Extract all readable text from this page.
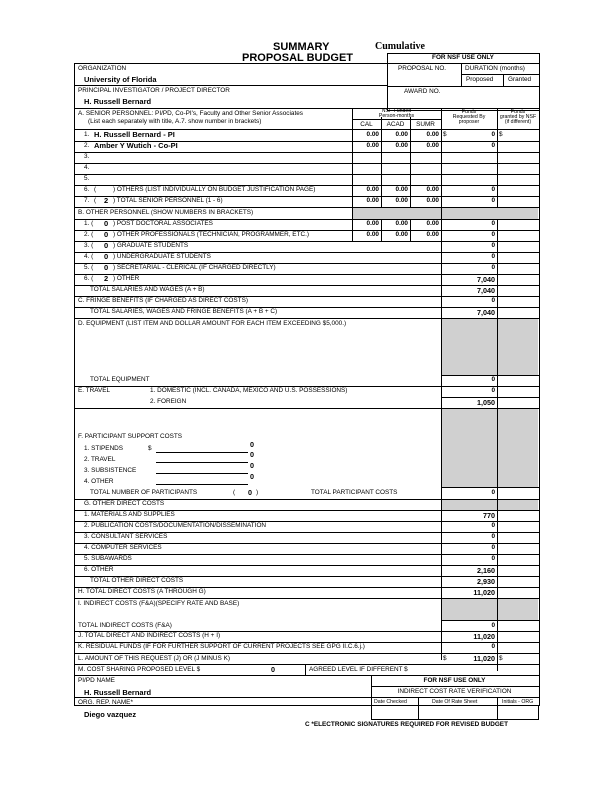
SUMMARY
PROPOSAL BUDGET
Cumulative
FOR NSF USE ONLY
PROPOSAL NO.	DURATION (months)
Proposed Granted
AWARD NO.
ORGANIZATION
University of Florida
PRINCIPAL INVESTIGATOR / PROJECT DIRECTOR
H. Russell Bernard
A. SENIOR PERSONNEL: PI/PD, Co-PI's, Faculty and Other Senior Associates
(List each separately with title, A.7. show number in brackets)
NSF Funded
Person-months
CAL	ACAD	SUMR
Funds
Requested By
proposer
Funds
granted by NSF
(if different)
1. H. Russell Bernard - PI	0.00	0.00	0.00 $	0 $
2. Amber Y Wutich - Co-PI	0.00	0.00	0.00	0
3.
4.
5.
6. (	) OTHERS (LIST INDIVIDUALLY ON BUDGET JUSTIFICATION PAGE)	0.00	0.00	0.00	0
7. ( 2 ) TOTAL SENIOR PERSONNEL (1 - 6)	0.00	0.00	0.00	0
B. OTHER PERSONNEL (SHOW NUMBERS IN BRACKETS)
1. ( 0 ) POST DOCTORAL ASSOCIATES	0.00	0.00	0.00	0
2. ( 0 ) OTHER PROFESSIONALS (TECHNICIAN, PROGRAMMER, ETC.)	0.00	0.00	0.00	0
3. ( 0 ) GRADUATE STUDENTS	0
4. ( 0 ) UNDERGRADUATE STUDENTS	0
5. ( 0 ) SECRETARIAL - CLERICAL (IF CHARGED DIRECTLY)	0
6. ( 2 ) OTHER	7,040
TOTAL SALARIES AND WAGES (A + B)	7,040
C. FRINGE BENEFITS (IF CHARGED AS DIRECT COSTS)	0
TOTAL SALARIES, WAGES AND FRINGE BENEFITS (A + B + C)	7,040
D. EQUIPMENT (LIST ITEM AND DOLLAR AMOUNT FOR EACH ITEM EXCEEDING $5,000.)
TOTAL EQUIPMENT	0
E. TRAVEL	1. DOMESTIC (INCL. CANADA, MEXICO AND U.S. POSSESSIONS)	0
2. FOREIGN	1,050
F. PARTICIPANT SUPPORT COSTS
1. STIPENDS	$	0
2. TRAVEL
0
3. SUBSISTENCE
0
4. OTHER
0
TOTAL NUMBER OF PARTICIPANTS	( 0 )	TOTAL PARTICIPANT COSTS	0
G. OTHER DIRECT COSTS
1. MATERIALS AND SUPPLIES	770
2. PUBLICATION COSTS/DOCUMENTATION/DISSEMINATION	0
3. CONSULTANT SERVICES	0
4. COMPUTER SERVICES	0
5. SUBAWARDS	0
6. OTHER	2,160
TOTAL OTHER DIRECT COSTS	2,930
H. TOTAL DIRECT COSTS (A THROUGH G)	11,020
I. INDIRECT COSTS (F&A)(SPECIFY RATE AND BASE)
TOTAL INDIRECT COSTS (F&A)	0
J. TOTAL DIRECT AND INDIRECT COSTS (H + I)	11,020
K. RESIDUAL FUNDS (IF FOR FURTHER SUPPORT OF CURRENT PROJECTS SEE GPG II.C.6.j.)	0
L. AMOUNT OF THIS REQUEST (J) OR (J MINUS K)	$	11,020 $
M. COST SHARING PROPOSED LEVEL $	0	AGREED LEVEL IF DIFFERENT $
PI/PD NAME
H. Russell Bernard
ORG. REP. NAME*
Diego vazquez
FOR NSF USE ONLY
INDIRECT COST RATE VERIFICATION
Date Checked	Date Of Rate Sheet	Initials - ORG
C *ELECTRONIC SIGNATURES REQUIRED FOR REVISED BUDGET
